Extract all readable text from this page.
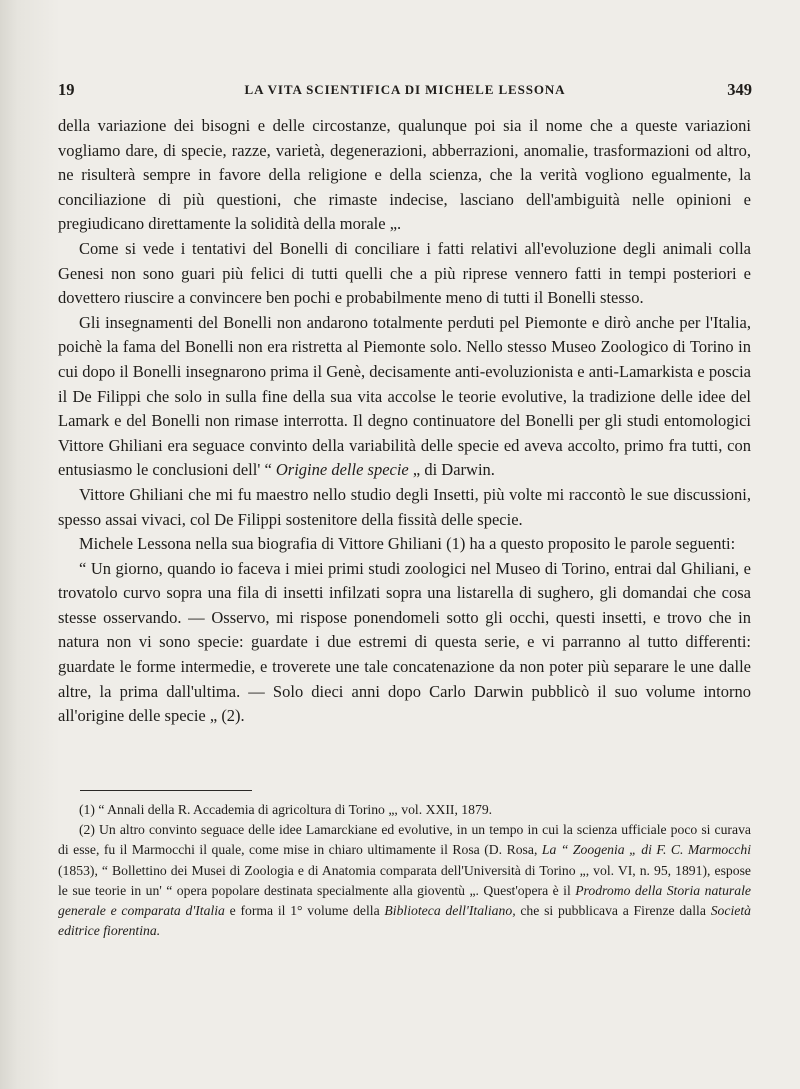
19	LA VITA SCIENTIFICA DI MICHELE LESSONA	349

della variazione dei bisogni e delle circostanze, qualunque poi sia il nome che a queste variazioni vogliamo dare, di specie, razze, varietà, degenerazioni, abberrazioni, anomalie, trasformazioni od altro, ne risulterà sempre in favore della religione e della scienza, che la verità vogliono egualmente, la conciliazione di più questioni, che rimaste indecise, lasciano dell'ambiguità nelle opinioni e pregiudicano direttamente la solidità della morale „.

Come si vede i tentativi del Bonelli di conciliare i fatti relativi all'evoluzione degli animali colla Genesi non sono guari più felici di tutti quelli che a più riprese vennero fatti in tempi posteriori e dovettero riuscire a convincere ben pochi e probabilmente meno di tutti il Bonelli stesso.

Gli insegnamenti del Bonelli non andarono totalmente perduti pel Piemonte e dirò anche per l'Italia, poichè la fama del Bonelli non era ristretta al Piemonte solo. Nello stesso Museo Zoologico di Torino in cui dopo il Bonelli insegnarono prima il Genè, decisamente anti-evoluzionista e anti-Lamarkista e poscia il De Filippi che solo in sulla fine della sua vita accolse le teorie evolutive, la tradizione delle idee del Lamark e del Bonelli non rimase interrotta. Il degno continuatore del Bonelli per gli studi entomologici Vittore Ghiliani era seguace convinto della variabilità delle specie ed aveva accolto, primo fra tutti, con entusiasmo le conclusioni dell' “ Origine delle specie „ di Darwin.

Vittore Ghiliani che mi fu maestro nello studio degli Insetti, più volte mi raccontò le sue discussioni, spesso assai vivaci, col De Filippi sostenitore della fissità delle specie.

Michele Lessona nella sua biografia di Vittore Ghiliani (1) ha a questo proposito le parole seguenti:

“ Un giorno, quando io faceva i miei primi studi zoologici nel Museo di Torino, entrai dal Ghiliani, e trovatolo curvo sopra una fila di insetti infilzati sopra una listarella di sughero, gli domandai che cosa stesse osservando. — Osservo, mi rispose ponendomeli sotto gli occhi, questi insetti, e trovo che in natura non vi sono specie: guardate i due estremi di questa serie, e vi parranno al tutto differenti: guardate le forme intermedie, e troverete une tale concatenazione da non poter più separare le une dalle altre, la prima dall'ultima. — Solo dieci anni dopo Carlo Darwin pubblicò il suo volume intorno all'origine delle specie „ (2).

(1) “ Annali della R. Accademia di agricoltura di Torino „, vol. XXII, 1879.

(2) Un altro convinto seguace delle idee Lamarckiane ed evolutive, in un tempo in cui la scienza ufficiale poco si curava di esse, fu il Marmocchi il quale, come mise in chiaro ultimamente il Rosa (D. Rosa, La “ Zoogenia „ di F. C. Marmocchi (1853), “ Bollettino dei Musei di Zoologia e di Anatomia comparata dell'Università di Torino „, vol. VI, n. 95, 1891), espose le sue teorie in un' “ opera popolare destinata specialmente alla gioventù „. Quest'opera è il Prodromo della Storia naturale generale e comparata d'Italia e forma il 1° volume della Biblioteca dell'Italiano, che si pubblicava a Firenze dalla Società editrice fiorentina.
